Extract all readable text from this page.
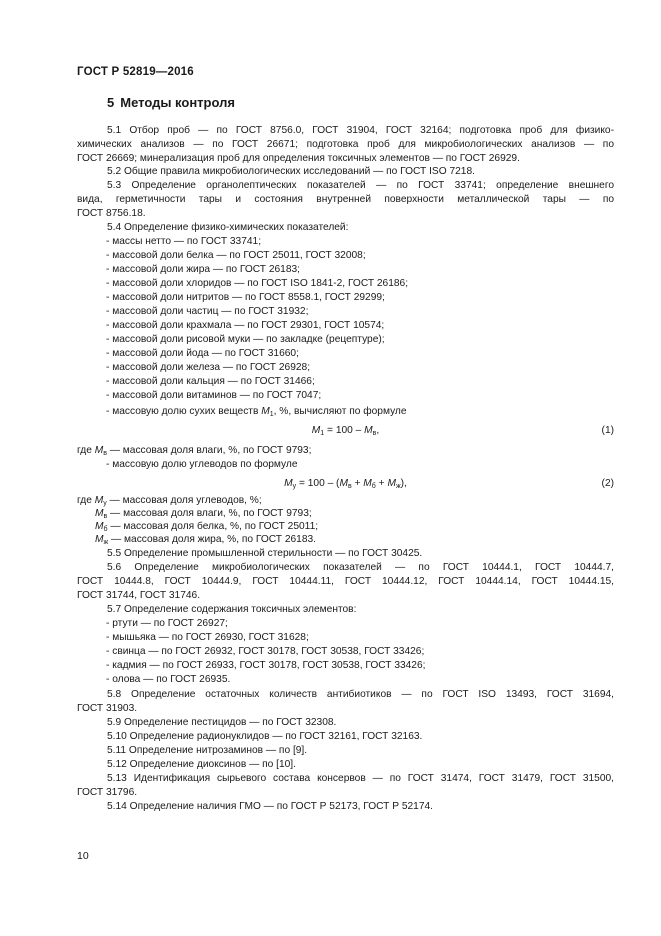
ГОСТ Р 52819—2016
5 Методы контроля
5.1 Отбор проб — по ГОСТ 8756.0, ГОСТ 31904, ГОСТ 32164; подготовка проб для физико-
химических анализов — по ГОСТ 26671; подготовка проб для микробиологических анализов — по
ГОСТ 26669; минерализация проб для определения токсичных элементов — по ГОСТ 26929.
5.2 Общие правила микробиологических исследований — по ГОСТ ISO 7218.
5.3 Определение органолептических показателей — по ГОСТ 33741; определение внешнего
вида, герметичности тары и состояния внутренней поверхности металлической тары — по
ГОСТ 8756.18.
5.4 Определение физико-химических показателей:
- массы нетто — по ГОСТ 33741;
- массовой доли белка — по ГОСТ 25011, ГОСТ 32008;
- массовой доли жира — по ГОСТ 26183;
- массовой доли хлоридов — по ГОСТ ISO 1841-2, ГОСТ 26186;
- массовой доли нитритов — по ГОСТ 8558.1, ГОСТ 29299;
- массовой доли частиц — по ГОСТ 31932;
- массовой доли крахмала — по ГОСТ 29301, ГОСТ 10574;
- массовой доли рисовой муки — по закладке (рецептуре);
- массовой доли йода — по ГОСТ 31660;
- массовой доли железа — по ГОСТ 26928;
- массовой доли кальция — по ГОСТ 31466;
- массовой доли витаминов — по ГОСТ 7047;
- массовую долю сухих веществ $M_1$, %, вычисляют по формуле
$M_1 = 100 - M_в$,	(1)
где $M_в$ — массовая доля влаги, %, по ГОСТ 9793;
- массовую долю углеводов по формуле
$M_у = 100 - (M_в + M_б + M_ж)$,	(2)
где $M_у$ — массовая доля углеводов, %;
$M_в$ — массовая доля влаги, %, по ГОСТ 9793;
$M_б$ — массовая доля белка, %, по ГОСТ 25011;
$M_ж$ — массовая доля жира, %, по ГОСТ 26183.
5.5 Определение промышленной стерильности — по ГОСТ 30425.
5.6 Определение микробиологических показателей — по ГОСТ 10444.1, ГОСТ 10444.7,
ГОСТ 10444.8, ГОСТ 10444.9, ГОСТ 10444.11, ГОСТ 10444.12, ГОСТ 10444.14, ГОСТ 10444.15,
ГОСТ 31744, ГОСТ 31746.
5.7 Определение содержания токсичных элементов:
- ртути — по ГОСТ 26927;
- мышьяка — по ГОСТ 26930, ГОСТ 31628;
- свинца — по ГОСТ 26932, ГОСТ 30178, ГОСТ 30538, ГОСТ 33426;
- кадмия — по ГОСТ 26933, ГОСТ 30178, ГОСТ 30538, ГОСТ 33426;
- олова — по ГОСТ 26935.
5.8 Определение остаточных количеств антибиотиков — по ГОСТ ISO 13493, ГОСТ 31694,
ГОСТ 31903.
5.9 Определение пестицидов — по ГОСТ 32308.
5.10 Определение радионуклидов — по ГОСТ 32161, ГОСТ 32163.
5.11 Определение нитрозаминов — по [9].
5.12 Определение диоксинов — по [10].
5.13 Идентификация сырьевого состава консервов — по ГОСТ 31474, ГОСТ 31479, ГОСТ 31500,
ГОСТ 31796.
5.14 Определение наличия ГМО — по ГОСТ Р 52173, ГОСТ Р 52174.
10
